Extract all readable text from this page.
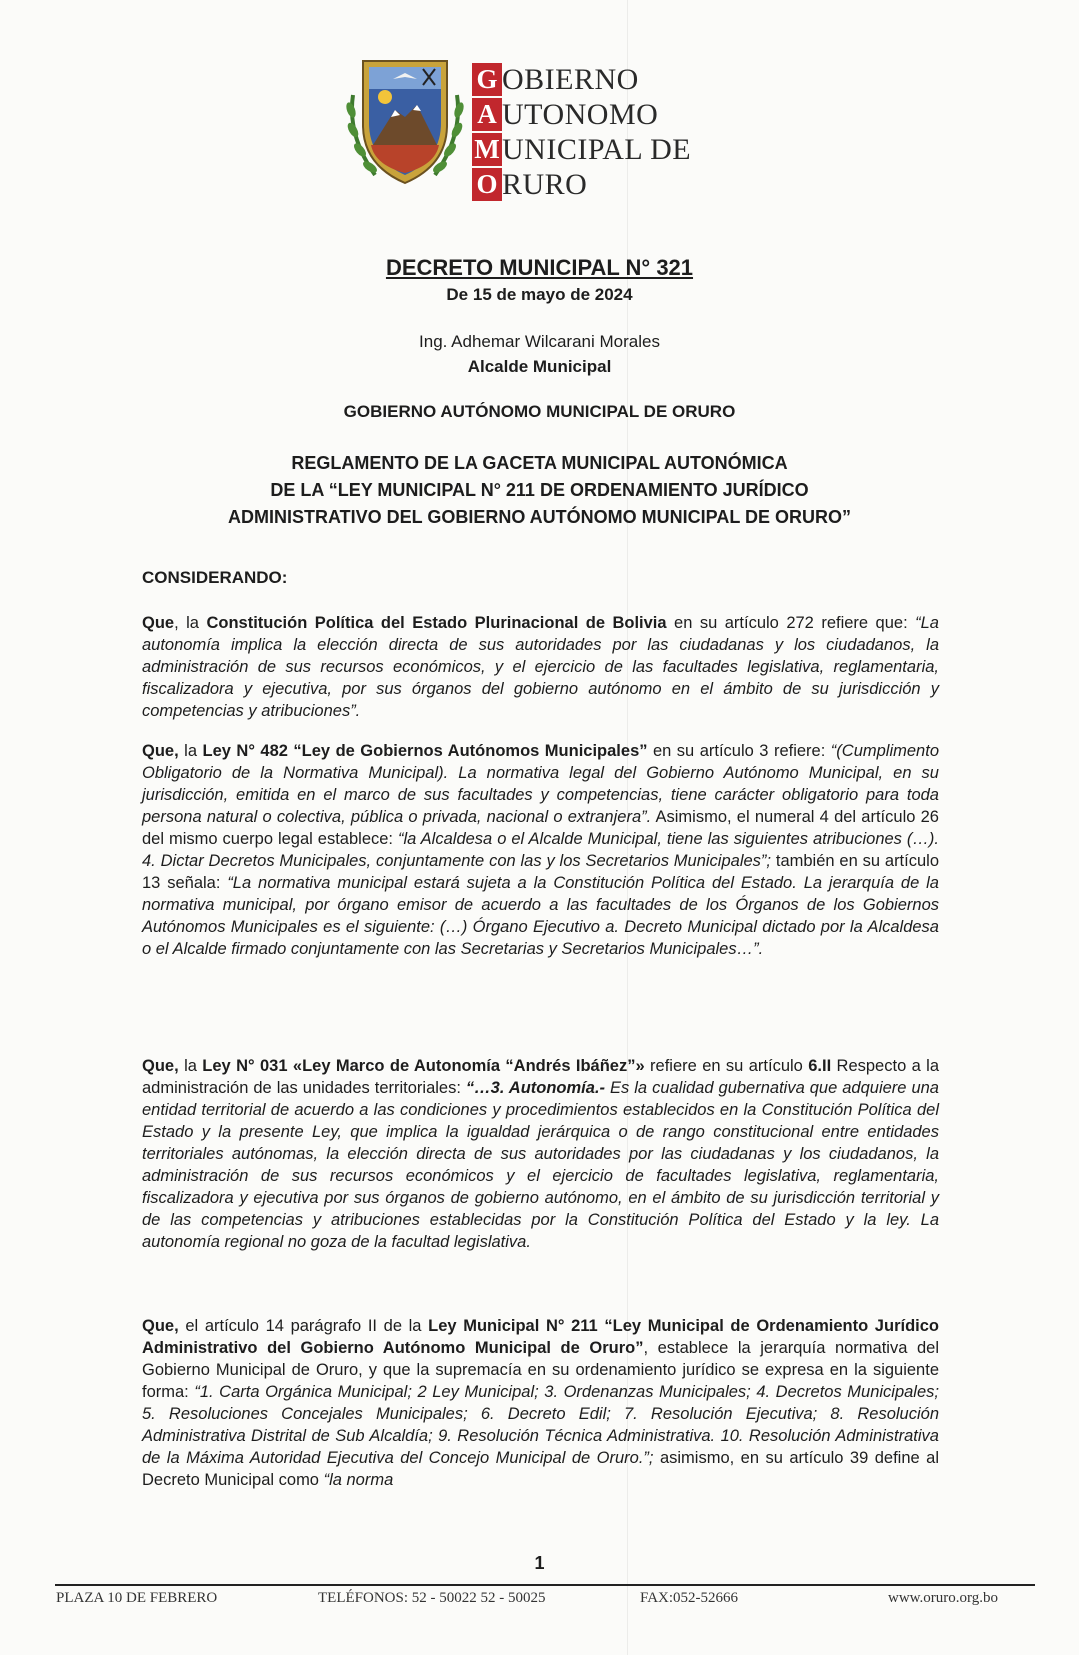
G
A
M
O
OBIERNO
UTONOMO
UNICIPAL DE
RURO
DECRETO MUNICIPAL N° 321
De 15 de mayo de 2024
Ing. Adhemar Wilcarani Morales
Alcalde Municipal
GOBIERNO AUTÓNOMO MUNICIPAL DE ORURO
REGLAMENTO DE LA GACETA MUNICIPAL AUTONÓMICA
DE LA “LEY MUNICIPAL N° 211 DE ORDENAMIENTO JURÍDICO
ADMINISTRATIVO DEL GOBIERNO AUTÓNOMO MUNICIPAL DE ORURO”
CONSIDERANDO:
Que, la Constitución Política del Estado Plurinacional de Bolivia en su artículo 272 refiere que: “La autonomía implica la elección directa de sus autoridades por las ciudadanas y los ciudadanos, la administración de sus recursos económicos, y el ejercicio de las facultades legislativa, reglamentaria, fiscalizadora y ejecutiva, por sus órganos del gobierno autónomo en el ámbito de su jurisdicción y competencias y atribuciones”.
Que, la Ley N° 482 “Ley de Gobiernos Autónomos Municipales” en su artículo 3 refiere: “(Cumplimento Obligatorio de la Normativa Municipal). La normativa legal del Gobierno Autónomo Municipal, en su jurisdicción, emitida en el marco de sus facultades y competencias, tiene carácter obligatorio para toda persona natural o colectiva, pública o privada, nacional o extranjera”. Asimismo, el numeral 4 del artículo 26 del mismo cuerpo legal establece: “la Alcaldesa o el Alcalde Municipal, tiene las siguientes atribuciones (…). 4. Dictar Decretos Municipales, conjuntamente con las y los Secretarios Municipales”; también en su artículo 13 señala: “La normativa municipal estará sujeta a la Constitución Política del Estado. La jerarquía de la normativa municipal, por órgano emisor de acuerdo a las facultades de los Órganos de los Gobiernos Autónomos Municipales es el siguiente: (…) Órgano Ejecutivo a. Decreto Municipal dictado por la Alcaldesa o el Alcalde firmado conjuntamente con las Secretarias y Secretarios Municipales…”.
Que, la Ley N° 031 «Ley Marco de Autonomía “Andrés Ibáñez”» refiere en su artículo 6.II Respecto a la administración de las unidades territoriales: “…3. Autonomía.- Es la cualidad gubernativa que adquiere una entidad territorial de acuerdo a las condiciones y procedimientos establecidos en la Constitución Política del Estado y la presente Ley, que implica la igualdad jerárquica o de rango constitucional entre entidades territoriales autónomas, la elección directa de sus autoridades por las ciudadanas y los ciudadanos, la administración de sus recursos económicos y el ejercicio de facultades legislativa, reglamentaria, fiscalizadora y ejecutiva por sus órganos de gobierno autónomo, en el ámbito de su jurisdicción territorial y de las competencias y atribuciones establecidas por la Constitución Política del Estado y la ley. La autonomía regional no goza de la facultad legislativa.
Que, el artículo 14 parágrafo II de la Ley Municipal N° 211 “Ley Municipal de Ordenamiento Jurídico Administrativo del Gobierno Autónomo Municipal de Oruro”, establece la jerarquía normativa del Gobierno Municipal de Oruro, y que la supremacía en su ordenamiento jurídico se expresa en la siguiente forma: “1. Carta Orgánica Municipal; 2 Ley Municipal; 3. Ordenanzas Municipales; 4. Decretos Municipales; 5. Resoluciones Concejales Municipales; 6. Decreto Edil; 7. Resolución Ejecutiva; 8. Resolución Administrativa Distrital de Sub Alcaldía; 9. Resolución Técnica Administrativa. 10. Resolución Administrativa de la Máxima Autoridad Ejecutiva del Concejo Municipal de Oruro.”; asimismo, en su artículo 39 define al Decreto Municipal como “la norma
1
PLAZA 10 DE FEBRERO	TELÉFONOS: 52 - 50022 52 - 50025	FAX:052-52666	www.oruro.org.bo
